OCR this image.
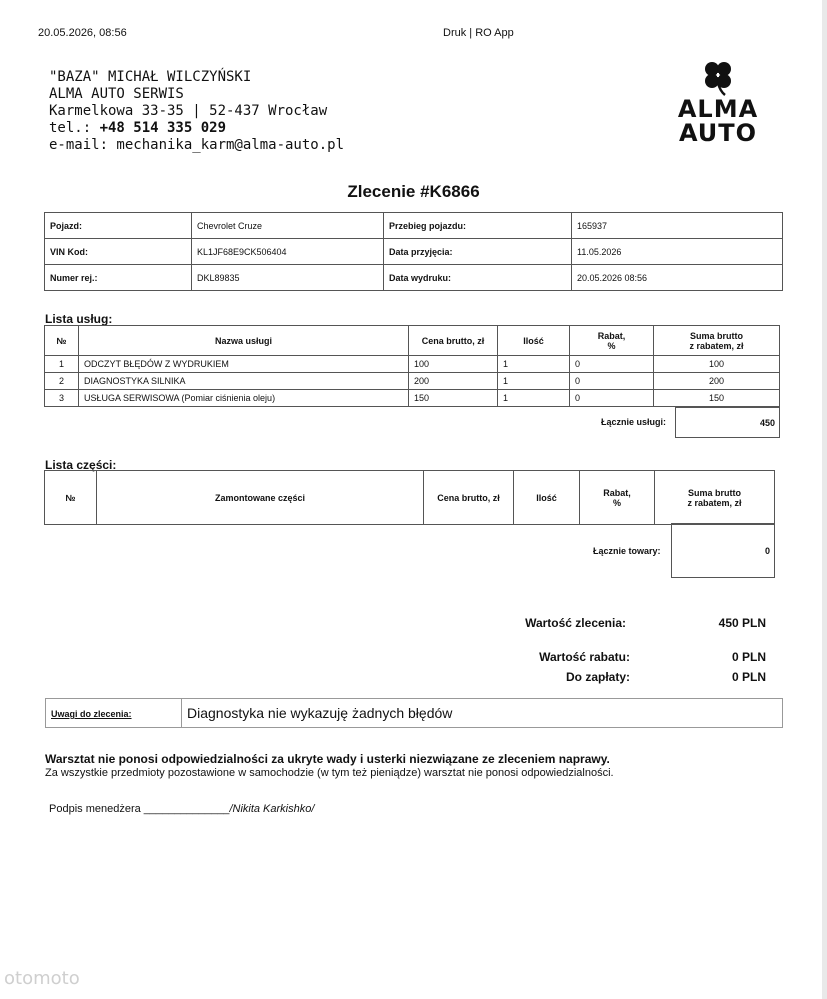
20.05.2026, 08:56	Druk | RO App
"BAZA" MICHAŁ WILCZYŃSKI
ALMA AUTO SERWIS
Karmelkowa 33-35 | 52-437 Wrocław
tel.: +48 514 335 029
e-mail: mechanika_karm@alma-auto.pl
ALMA
AUTO
Zlecenie #K6866
Pojazd:	Chevrolet Cruze	Przebieg pojazdu:	165937
VIN Kod:	KL1JF68E9CK506404	Data przyjęcia:	11.05.2026
Numer rej.:	DKL89835	Data wydruku:	20.05.2026 08:56
Lista usług:
№	Nazwa usługi	Cena brutto, zł	Ilość	Rabat,
%	Suma brutto
z rabatem, zł
1	ODCZYT BŁĘDÓW Z WYDRUKIEM	100	1	0	100
2	DIAGNOSTYKA SILNIKA	200	1	0	200
3	USŁUGA SERWISOWA (Pomiar ciśnienia oleju)	150	1	0	150
Łącznie usługi:	450
Lista części:
№	Zamontowane części	Cena brutto, zł	Ilość	Rabat,
%	Suma brutto
z rabatem, zł
Łącznie towary:	0
Wartość zlecenia:	450 PLN
Wartość rabatu:	0 PLN
Do zapłaty:	0 PLN
Uwagi do zlecenia:	Diagnostyka nie wykazuję żadnych błędów
Warsztat nie ponosi odpowiedzialności za ukryte wady i usterki niezwiązane ze zleceniem naprawy.
Za wszystkie przedmioty pozostawione w samochodzie (w tym też pieniądze) warsztat nie ponosi odpowiedzialności.
Podpis menedżera ______________/Nikita Karkishko/
otomoto
